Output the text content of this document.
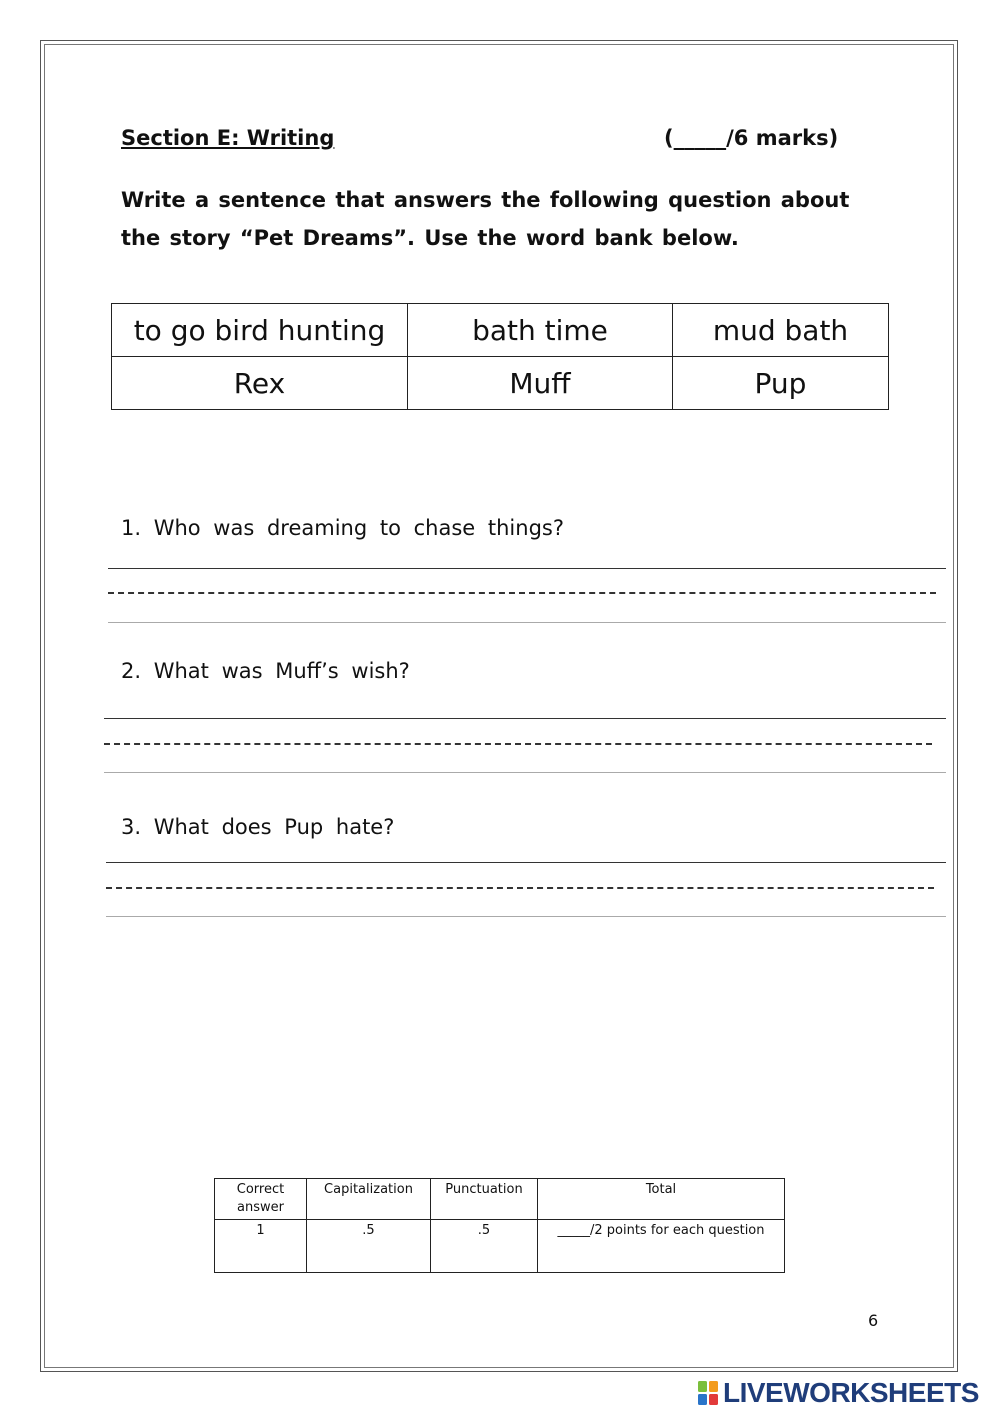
Section E: Writing	(_____/6 marks)
Write a sentence that answers the following question about the story “Pet Dreams”. Use the word bank below.
to go bird hunting	bath time	mud bath
Rex	Muff	Pup
1. Who was dreaming to chase things?
2. What was Muff’s wish?
3. What does Pup hate?
Correct answer	Capitalization	Punctuation	Total
1	.5	.5	_____/2 points for each question
6
LIVEWORKSHEETS
